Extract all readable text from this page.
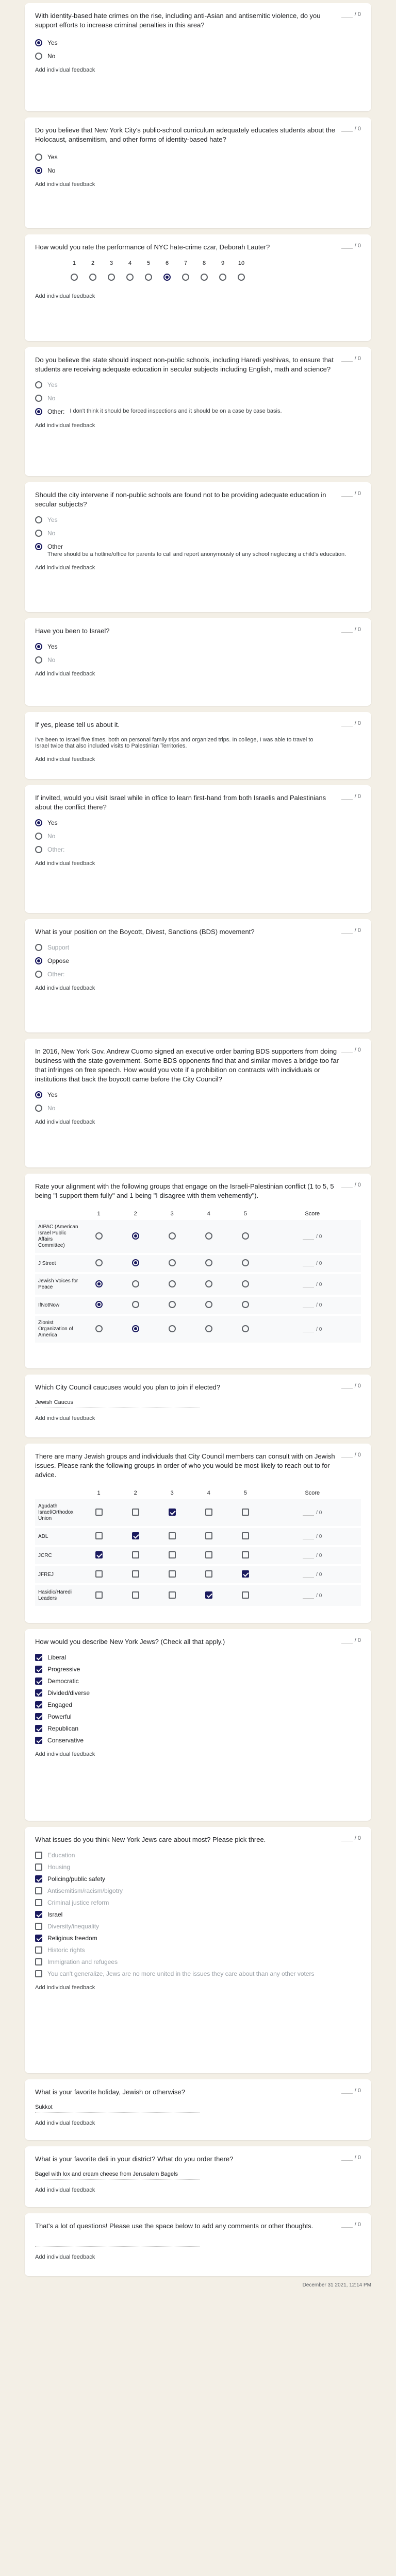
With identity-based hate crimes on the rise, including anti-Asian and antisemitic violence, do you support efforts to increase criminal penalties in this area?
/ 0
Yes
No
Add individual feedback
Do you believe that New York City's public-school curriculum adequately educates students about the Holocaust, antisemitism, and other forms of identity-based hate?
/ 0
Yes
No
Add individual feedback
How would you rate the performance of NYC hate-crime czar, Deborah Lauter?	/ 0
1	2	3	4	5	6	7	8	9	10
Add individual feedback
Do you believe the state should inspect non-public schools, including Haredi yeshivas, to ensure that students are receiving adequate education in secular subjects including English, math and science?
/ 0
Yes
No
Other: I don't think it should be forced inspections and it should be on a case by case basis.
Add individual feedback
Should the city intervene if non-public schools are found not to be providing adequate education in secular subjects?
/ 0
Yes
No
Other
There should be a hotline/office for parents to call and report anonymously of any school neglecting a child's education.
Add individual feedback
Have you been to Israel?	/ 0
Yes
No
Add individual feedback
If yes, please tell us about it.	/ 0
I've been to Israel five times, both on personal family trips and organized trips. In college, I was able to travel to Israel twice that also included visits to Palestinian Territories.
Add individual feedback
If invited, would you visit Israel while in office to learn first-hand from both Israelis and Palestinians about the conflict there?
/ 0
Yes
No
Other:
Add individual feedback
What is your position on the Boycott, Divest, Sanctions (BDS) movement?	/ 0
Support
Oppose
Other:
Add individual feedback
In 2016, New York Gov. Andrew Cuomo signed an executive order barring BDS supporters from doing business with the state government. Some BDS opponents find that and similar moves a bridge too far that infringes on free speech. How would you vote if a prohibition on contracts with individuals or institutions that back the boycott came before the City Council?
/ 0
Yes
No
Add individual feedback
Rate your alignment with the following groups that engage on the Israeli-Palestinian conflict (1 to 5, 5 being "I support them fully" and 1 being "I disagree with them vehemently").
/ 0
	1	2	3	4	5	Score
AIPAC (American Israel Public Affairs Committee)						/ 0

J Street						/ 0

Jewish Voices for Peace						/ 0

IfNotNow						/ 0

Zionist Organization of America						/ 0
Which City Council caucuses would you plan to join if elected?	/ 0
Jewish Caucus
Add individual feedback
There are many Jewish groups and individuals that City Council members can consult with on Jewish issues. Please rank the following groups in order of who you would be most likely to reach out to for advice.
/ 0
	1	2	3	4	5	Score
Agudath Israel/Orthodox Union						/ 0

ADL						/ 0

JCRC						/ 0

JFREJ						/ 0

Hasidic/Haredi Leaders						/ 0
How would you describe New York Jews? (Check all that apply.)	/ 0
Liberal
Progressive
Democratic
Divided/diverse
Engaged
Powerful
Republican
Conservative
Add individual feedback
What issues do you think New York Jews care about most? Please pick three.	/ 0
Education
Housing
Policing/public safety
Antisemitism/racism/bigotry
Criminal justice reform
Israel
Diversity/inequality
Religious freedom
Historic rights
Immigration and refugees
You can't generalize, Jews are no more united in the issues they care about than any other voters
Add individual feedback
What is your favorite holiday, Jewish or otherwise?	/ 0
Sukkot
Add individual feedback
What is your favorite deli in your district? What do you order there?	/ 0
Bagel with lox and cream cheese from Jerusalem Bagels
Add individual feedback
That's a lot of questions! Please use the space below to add any comments or other thoughts.	/ 0
Add individual feedback
December 31 2021, 12:14 PM
